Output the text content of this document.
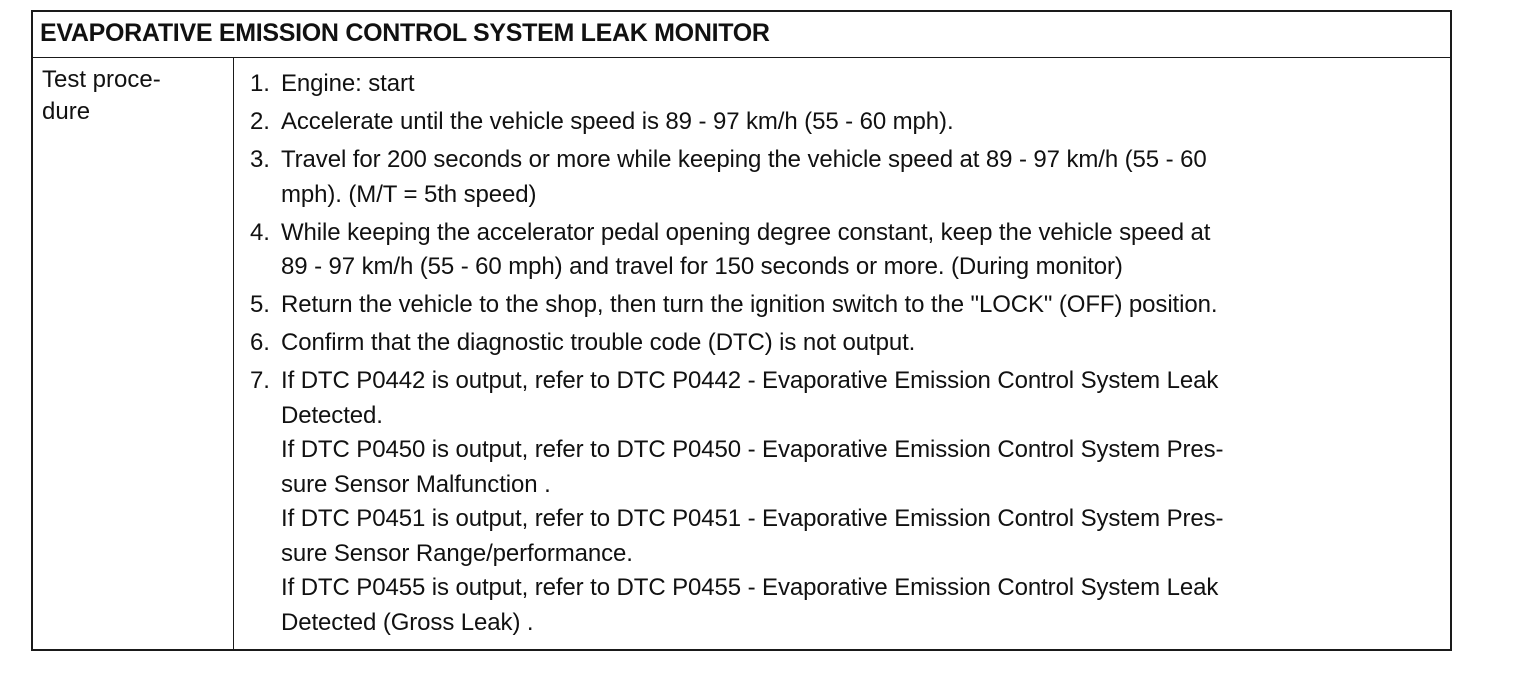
EVAPORATIVE EMISSION CONTROL SYSTEM LEAK MONITOR
Test proce-
dure
1. Engine: start
2. Accelerate until the vehicle speed is 89 - 97 km/h (55 - 60 mph).
3. Travel for 200 seconds or more while keeping the vehicle speed at 89 - 97 km/h (55 - 60
mph). (M/T = 5th speed)
4. While keeping the accelerator pedal opening degree constant, keep the vehicle speed at
89 - 97 km/h (55 - 60 mph) and travel for 150 seconds or more. (During monitor)
5. Return the vehicle to the shop, then turn the ignition switch to the "LOCK" (OFF) position.
6. Confirm that the diagnostic trouble code (DTC) is not output.
7. If DTC P0442 is output, refer to DTC P0442 - Evaporative Emission Control System Leak
Detected.
If DTC P0450 is output, refer to DTC P0450 - Evaporative Emission Control System Pres-
sure Sensor Malfunction .
If DTC P0451 is output, refer to DTC P0451 - Evaporative Emission Control System Pres-
sure Sensor Range/performance.
If DTC P0455 is output, refer to DTC P0455 - Evaporative Emission Control System Leak
Detected (Gross Leak) .
